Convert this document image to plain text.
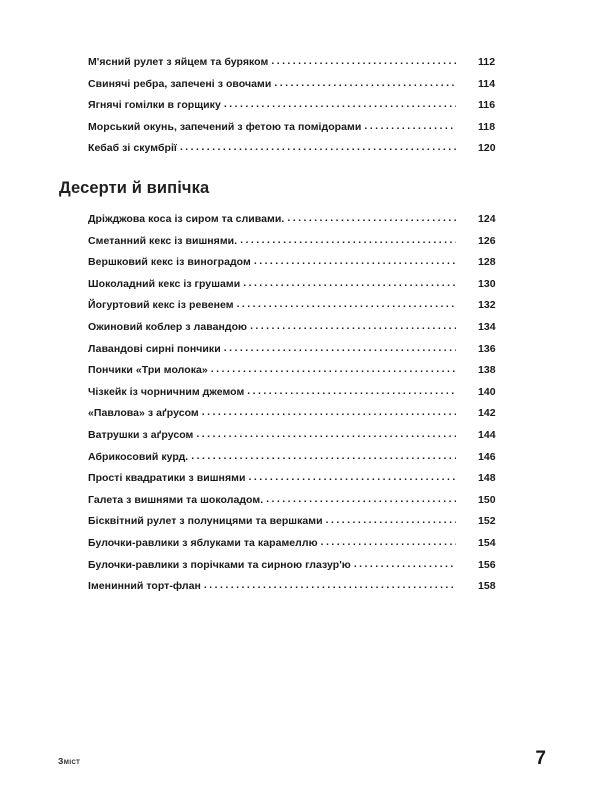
М'ясний рулет з яйцем та буряком .....	112
Свинячі ребра, запечені з овочами .....	114
Ягнячі гомілки в горщику .....	116
Морський окунь, запечений з фетою та помідорами .....	118
Кебаб зі скумбрії .....	120
Десерти й випічка
Дріжджова коса із сиром та сливами. .....	124
Сметанний кекс із вишнями. .....	126
Вершковий кекс із виноградом .....	128
Шоколадний кекс із грушами .....	130
Йогуртовий кекс із ревенем .....	132
Ожиновий коблер з лавандою .....	134
Лавандові сирні пончики .....	136
Пончики «Три молока» .....	138
Чізкейк із чорничним джемом .....	140
«Павлова» з аґрусом .....	142
Ватрушки з аґрусом .....	144
Абрикосовий курд. .....	146
Прості квадратики з вишнями .....	148
Галета з вишнями та шоколадом. .....	150
Бісквітний рулет з полуницями та вершками .....	152
Булочки-равлики з яблуками та карамеллю .....	154
Булочки-равлики з порічками та сирною глазур'ю .....	156
Іменинний торт-флан .....	158
Зміст	7
